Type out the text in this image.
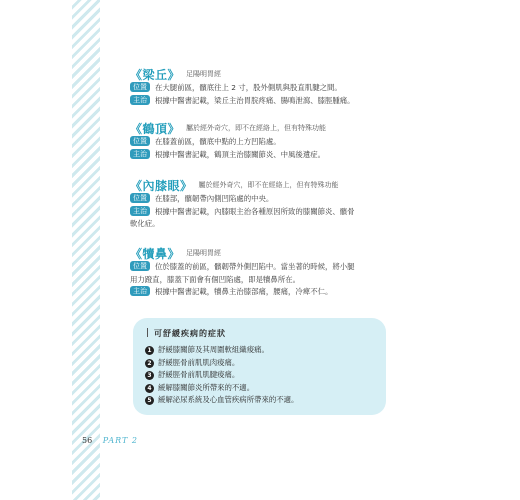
《梁丘》 足陽明胃經
位置 在大腿前區，髕底往上 2 寸，股外側肌與股直肌腱之間。
主治 根據中醫書記載，梁丘主治胃脘疼痛、腸鳴泄瀉、膝脛腫痛。
《鶴頂》 屬於經外奇穴，即不在經絡上，但有特殊功能
位置 在膝蓋前區，髕底中點的上方凹陷處。
主治 根據中醫書記載，鶴頂主治膝關節炎、中風後遺症。
《內膝眼》 屬於經外奇穴，即不在經絡上，但有特殊功能
位置 在膝部，髕韌帶內側凹陷處的中央。
主治 根據中醫書記載，內膝眼主治各種原因所致的膝關節炎、髕骨
軟化症。
《犢鼻》 足陽明胃經
位置 位於膝蓋的前區，髕韌帶外側凹陷中。當坐著的時候，將小腿
用力蹬直，膝蓋下面會有個凹陷處，即是犢鼻所在。
主治 根據中醫書記載，犢鼻主治膝部痛，腰痛，冷痺不仁。
可舒緩疾病的症狀
1 舒緩膝關節及其周圍軟組織痠痛。
2 舒緩脛骨前肌肌肉痠痛。
3 舒緩脛骨前肌肌腱痠痛。
4 緩解膝關節炎所帶來的不適。
5 緩解泌尿系統及心血管疾病所帶來的不適。
56 PART 2
